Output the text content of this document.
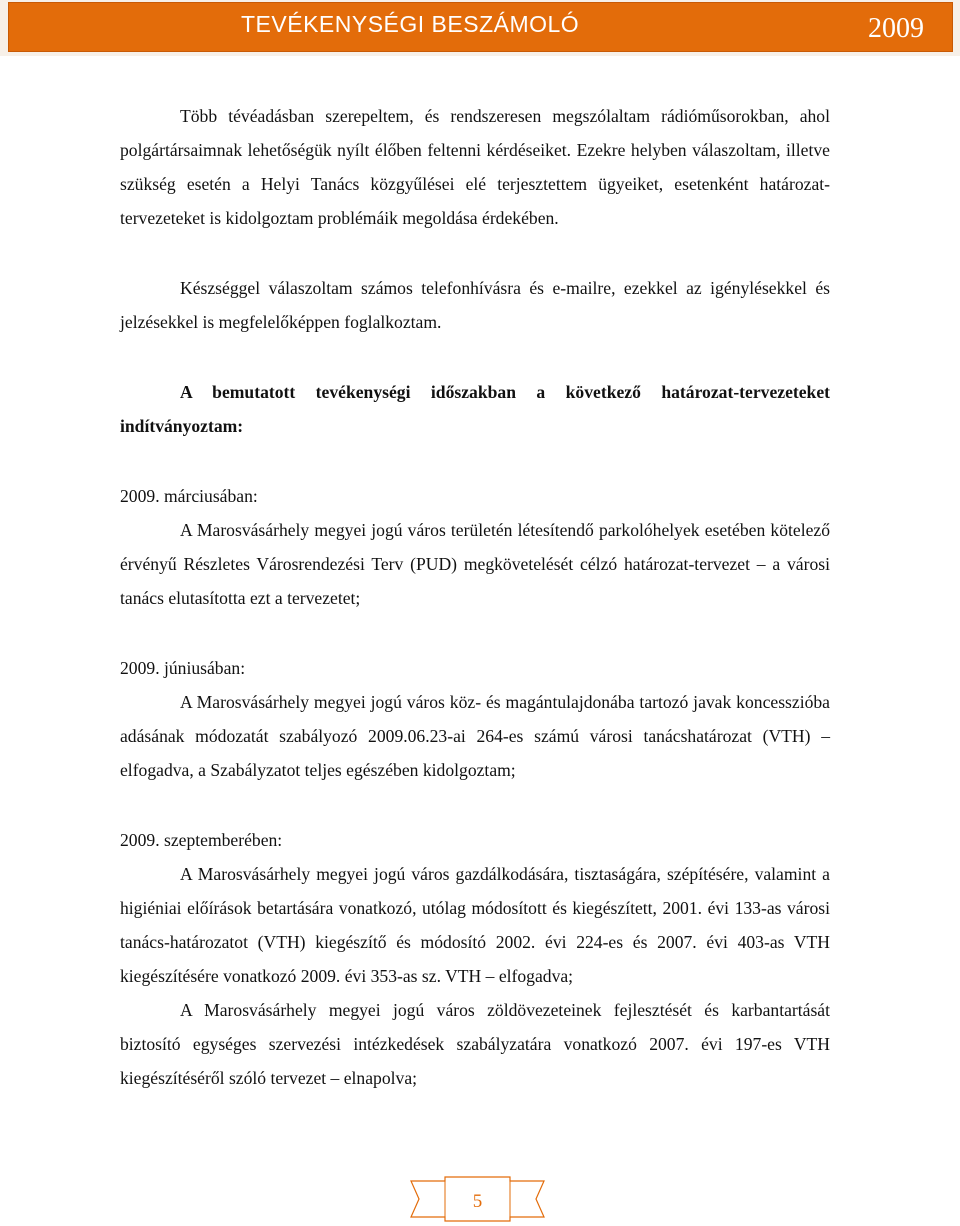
TEVÉKENYSÉGI BESZÁMOLÓ	2009

Több tévéadásban szerepeltem, és rendszeresen megszólaltam rádióműsorokban, ahol polgártársaimnak lehetőségük nyílt élőben feltenni kérdéseiket. Ezekre helyben válaszoltam, illetve szükség esetén a Helyi Tanács közgyűlései elé terjesztettem ügyeiket, esetenként határozat-tervezeteket is kidolgoztam problémáik megoldása érdekében.

Készséggel válaszoltam számos telefonhívásra és e-mailre, ezekkel az igénylésekkel és jelzésekkel is megfelelőképpen foglalkoztam.

A bemutatott tevékenységi időszakban a következő határozat-tervezeteket indítványoztam:

2009. márciusában:

A Marosvásárhely megyei jogú város területén létesítendő parkolóhelyek esetében kötelező érvényű Részletes Városrendezési Terv (PUD) megkövetelését célzó határozat-tervezet – a városi tanács elutasította ezt a tervezetet;

2009. júniusában:

A Marosvásárhely megyei jogú város köz- és magántulajdonába tartozó javak koncesszióba adásának módozatát szabályozó 2009.06.23-ai 264-es számú városi tanácshatározat (VTH) – elfogadva, a Szabályzatot teljes egészében kidolgoztam;

2009. szeptemberében:

A Marosvásárhely megyei jogú város gazdálkodására, tisztaságára, szépítésére, valamint a higiéniai előírások betartására vonatkozó, utólag módosított és kiegészített, 2001. évi 133-as városi tanács-határozatot (VTH) kiegészítő és módosító 2002. évi 224-es és 2007. évi 403-as VTH kiegészítésére vonatkozó 2009. évi 353-as sz. VTH – elfogadva;

A Marosvásárhely megyei jogú város zöldövezeteinek fejlesztését és karbantartását biztosító egységes szervezési intézkedések szabályzatára vonatkozó 2007. évi 197-es VTH kiegészítéséről szóló tervezet – elnapolva;

5
